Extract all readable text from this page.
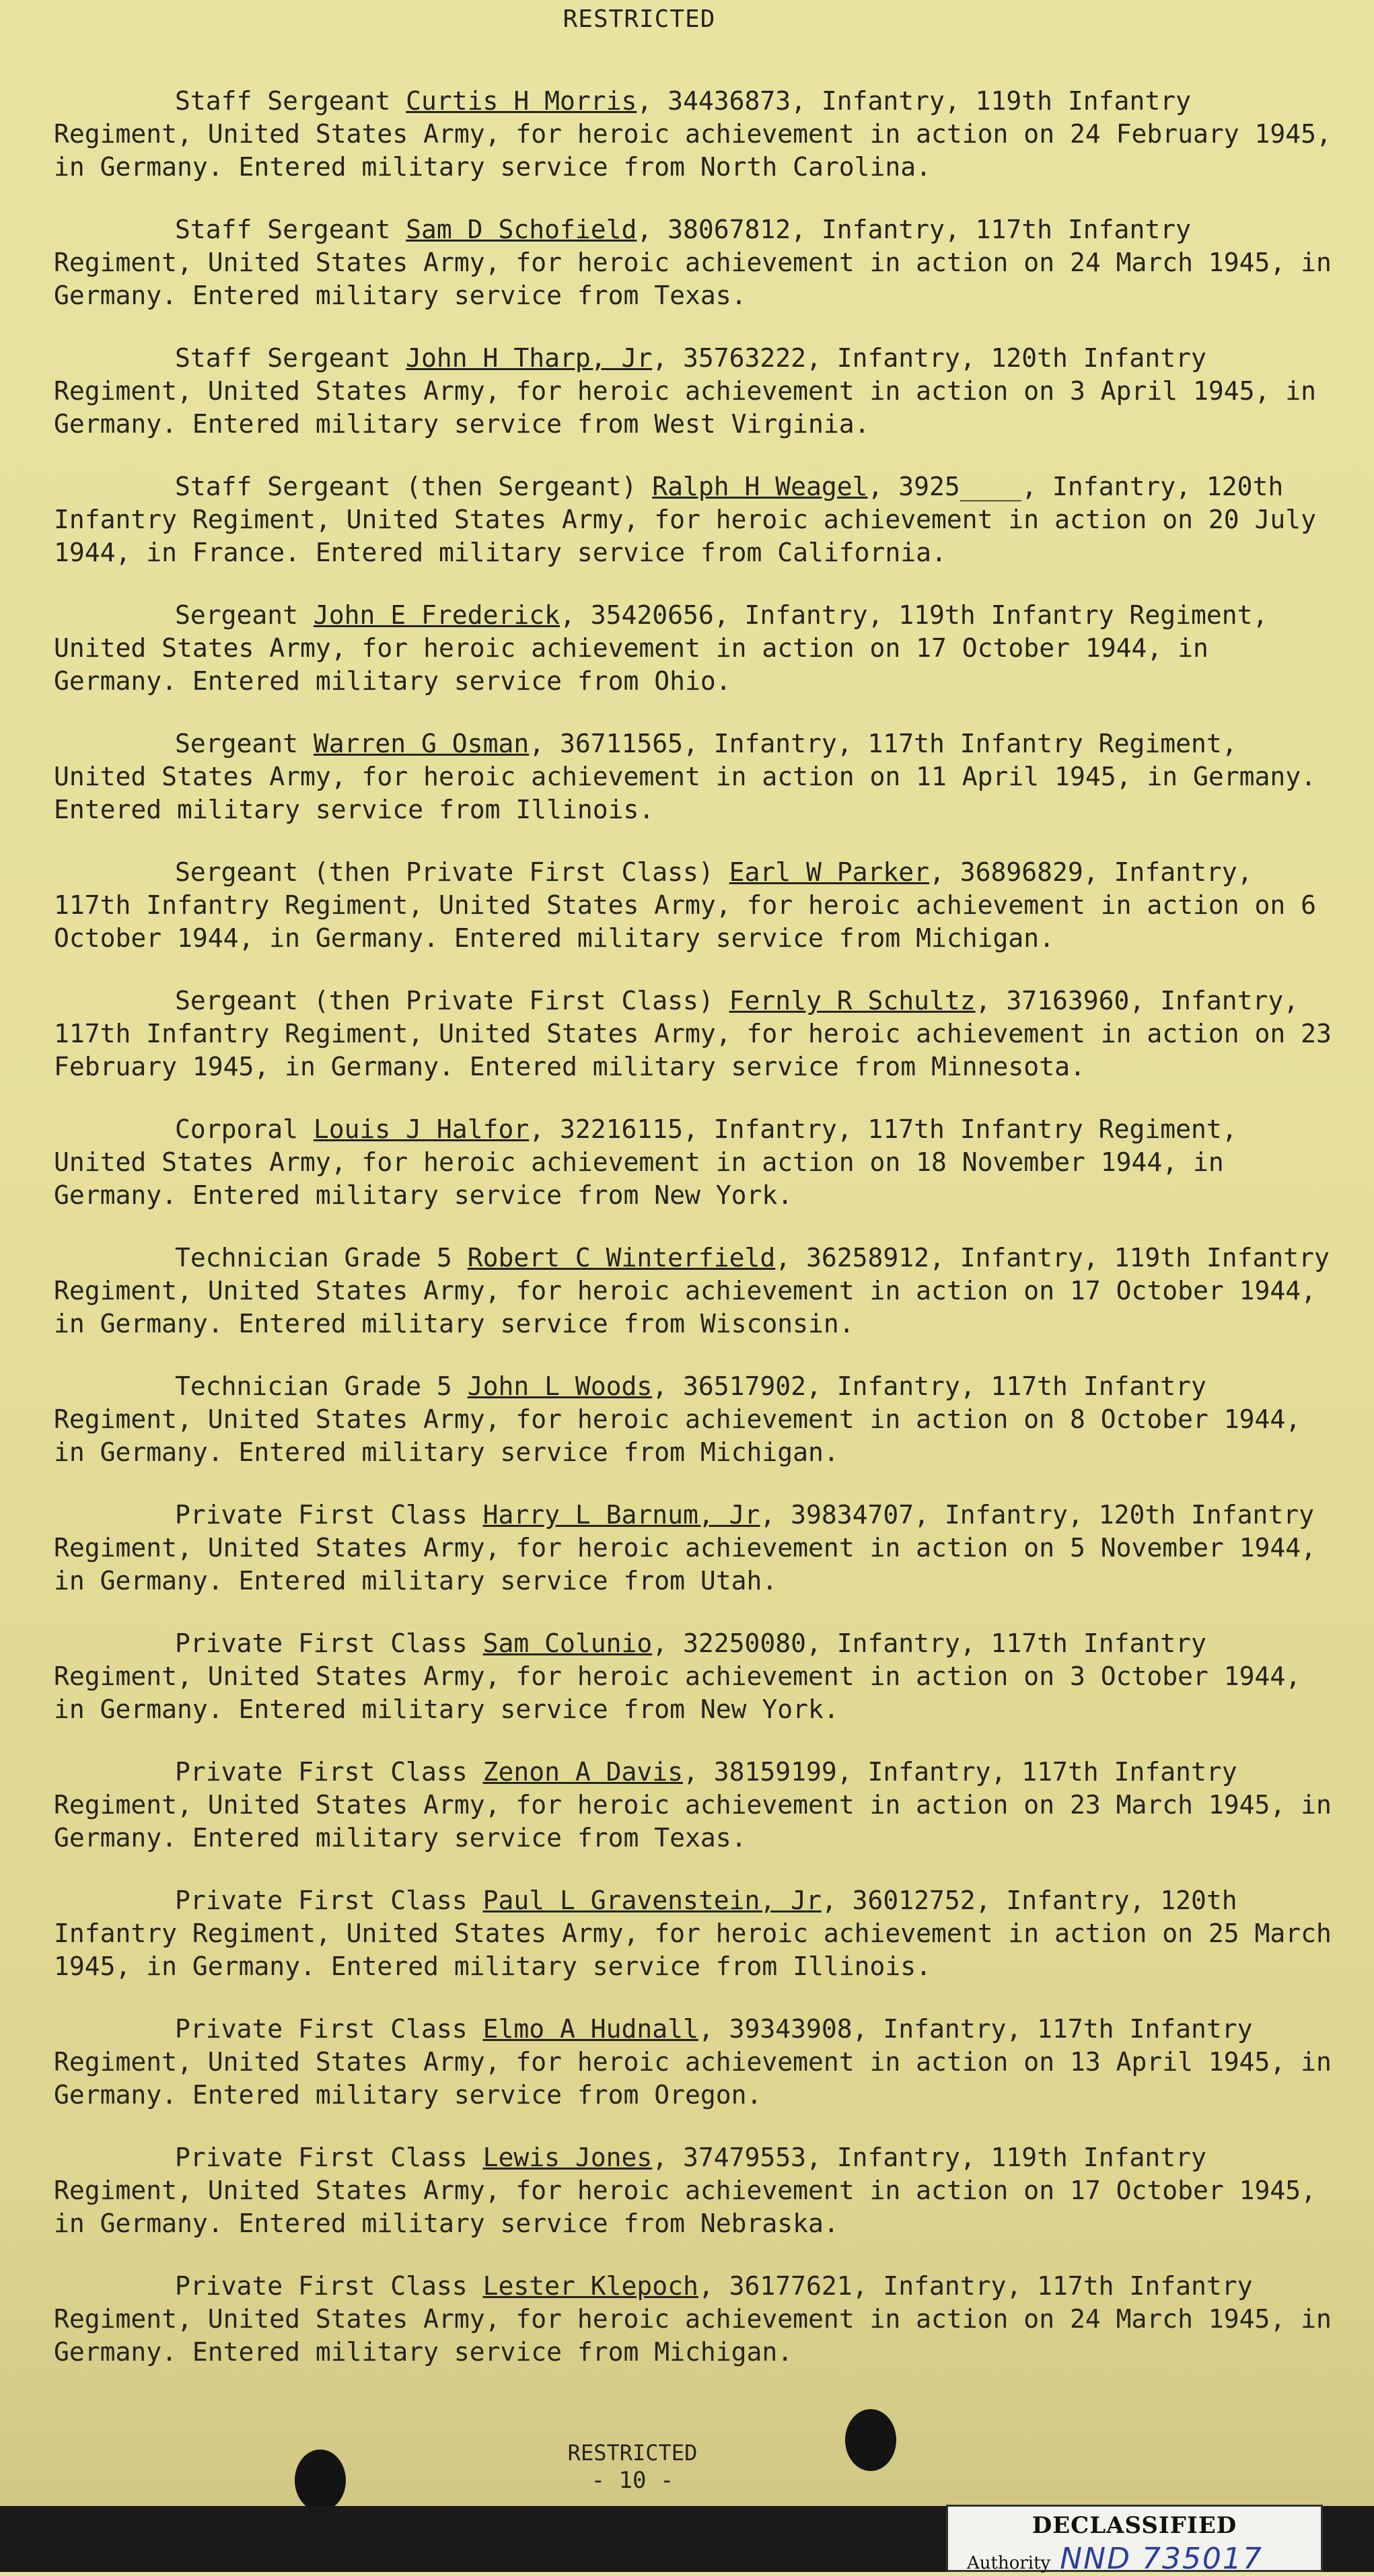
RESTRICTED

Staff Sergeant Curtis H Morris, 34436873, Infantry, 119th Infantry Regiment, United States Army, for heroic achievement in action on 24 February 1945, in Germany. Entered military service from North Carolina.

Staff Sergeant Sam D Schofield, 38067812, Infantry, 117th Infantry Regiment, United States Army, for heroic achievement in action on 24 March 1945, in Germany. Entered military service from Texas.

Staff Sergeant John H Tharp, Jr, 35763222, Infantry, 120th Infantry Regiment, United States Army, for heroic achievement in action on 3 April 1945, in Germany. Entered military service from West Virginia.

Staff Sergeant (then Sergeant) Ralph H Weagel, 3925____, Infantry, 120th Infantry Regiment, United States Army, for heroic achievement in action on 20 July 1944, in France. Entered military service from California.

Sergeant John E Frederick, 35420656, Infantry, 119th Infantry Regiment, United States Army, for heroic achievement in action on 17 October 1944, in Germany. Entered military service from Ohio.

Sergeant Warren G Osman, 36711565, Infantry, 117th Infantry Regiment, United States Army, for heroic achievement in action on 11 April 1945, in Germany. Entered military service from Illinois.

Sergeant (then Private First Class) Earl W Parker, 36896829, Infantry, 117th Infantry Regiment, United States Army, for heroic achievement in action on 6 October 1944, in Germany. Entered military service from Michigan.

Sergeant (then Private First Class) Fernly R Schultz, 37163960, Infantry, 117th Infantry Regiment, United States Army, for heroic achievement in action on 23 February 1945, in Germany. Entered military service from Minnesota.

Corporal Louis J Halfor, 32216115, Infantry, 117th Infantry Regiment, United States Army, for heroic achievement in action on 18 November 1944, in Germany. Entered military service from New York.

Technician Grade 5 Robert C Winterfield, 36258912, Infantry, 119th Infantry Regiment, United States Army, for heroic achievement in action on 17 October 1944, in Germany. Entered military service from Wisconsin.

Technician Grade 5 John L Woods, 36517902, Infantry, 117th Infantry Regiment, United States Army, for heroic achievement in action on 8 October 1944, in Germany. Entered military service from Michigan.

Private First Class Harry L Barnum, Jr, 39834707, Infantry, 120th Infantry Regiment, United States Army, for heroic achievement in action on 5 November 1944, in Germany. Entered military service from Utah.

Private First Class Sam Colunio, 32250080, Infantry, 117th Infantry Regiment, United States Army, for heroic achievement in action on 3 October 1944, in Germany. Entered military service from New York.

Private First Class Zenon A Davis, 38159199, Infantry, 117th Infantry Regiment, United States Army, for heroic achievement in action on 23 March 1945, in Germany. Entered military service from Texas.

Private First Class Paul L Gravenstein, Jr, 36012752, Infantry, 120th Infantry Regiment, United States Army, for heroic achievement in action on 25 March 1945, in Germany. Entered military service from Illinois.

Private First Class Elmo A Hudnall, 39343908, Infantry, 117th Infantry Regiment, United States Army, for heroic achievement in action on 13 April 1945, in Germany. Entered military service from Oregon.

Private First Class Lewis Jones, 37479553, Infantry, 119th Infantry Regiment, United States Army, for heroic achievement in action on 17 October 1945, in Germany. Entered military service from Nebraska.

Private First Class Lester Klepoch, 36177621, Infantry, 117th Infantry Regiment, United States Army, for heroic achievement in action on 24 March 1945, in Germany. Entered military service from Michigan.

RESTRICTED
- 10 -
DECLASSIFIED
Authority NND 735017
